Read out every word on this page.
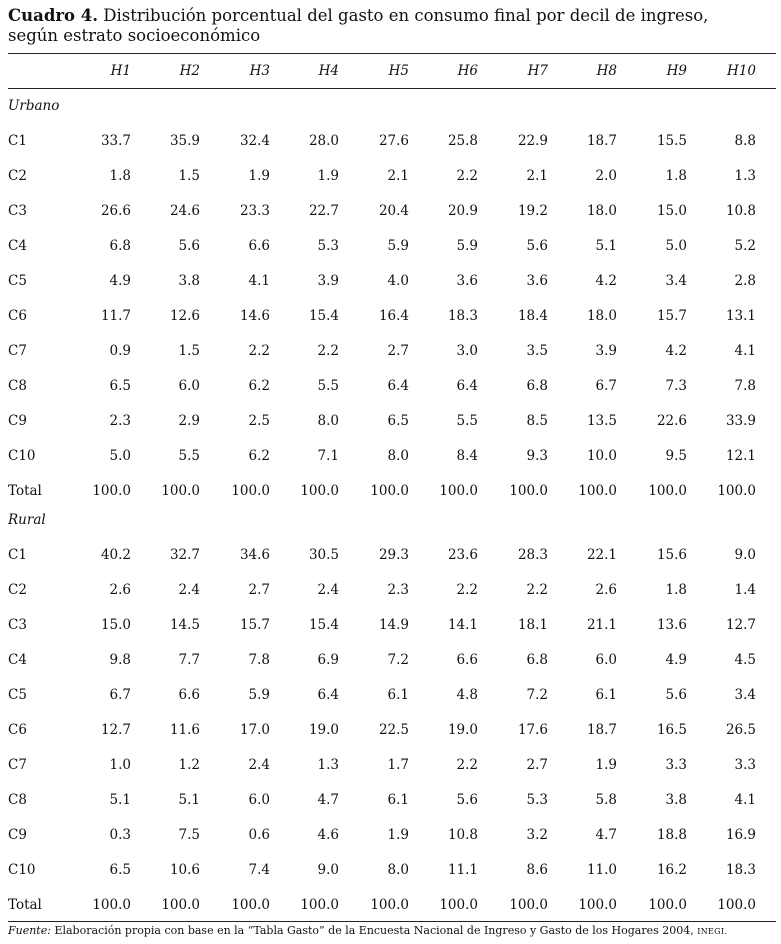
Cuadro 4. Distribución porcentual del gasto en consumo final por decil de ingreso,
según estrato socioeconómico
H1	H2	H3	H4	H5	H6	H7	H8	H9	H10
Urbano
C1	33.7	35.9	32.4	28.0	27.6	25.8	22.9	18.7	15.5	8.8
C2	1.8	1.5	1.9	1.9	2.1	2.2	2.1	2.0	1.8	1.3
C3	26.6	24.6	23.3	22.7	20.4	20.9	19.2	18.0	15.0	10.8
C4	6.8	5.6	6.6	5.3	5.9	5.9	5.6	5.1	5.0	5.2
C5	4.9	3.8	4.1	3.9	4.0	3.6	3.6	4.2	3.4	2.8
C6	11.7	12.6	14.6	15.4	16.4	18.3	18.4	18.0	15.7	13.1
C7	0.9	1.5	2.2	2.2	2.7	3.0	3.5	3.9	4.2	4.1
C8	6.5	6.0	6.2	5.5	6.4	6.4	6.8	6.7	7.3	7.8
C9	2.3	2.9	2.5	8.0	6.5	5.5	8.5	13.5	22.6	33.9
C10	5.0	5.5	6.2	7.1	8.0	8.4	9.3	10.0	9.5	12.1
Total	100.0	100.0	100.0	100.0	100.0	100.0	100.0	100.0	100.0	100.0
Rural
C1	40.2	32.7	34.6	30.5	29.3	23.6	28.3	22.1	15.6	9.0
C2	2.6	2.4	2.7	2.4	2.3	2.2	2.2	2.6	1.8	1.4
C3	15.0	14.5	15.7	15.4	14.9	14.1	18.1	21.1	13.6	12.7
C4	9.8	7.7	7.8	6.9	7.2	6.6	6.8	6.0	4.9	4.5
C5	6.7	6.6	5.9	6.4	6.1	4.8	7.2	6.1	5.6	3.4
C6	12.7	11.6	17.0	19.0	22.5	19.0	17.6	18.7	16.5	26.5
C7	1.0	1.2	2.4	1.3	1.7	2.2	2.7	1.9	3.3	3.3
C8	5.1	5.1	6.0	4.7	6.1	5.6	5.3	5.8	3.8	4.1
C9	0.3	7.5	0.6	4.6	1.9	10.8	3.2	4.7	18.8	16.9
C10	6.5	10.6	7.4	9.0	8.0	11.1	8.6	11.0	16.2	18.3
Total	100.0	100.0	100.0	100.0	100.0	100.0	100.0	100.0	100.0	100.0
Fuente: Elaboración propia con base en la “Tabla Gasto” de la Encuesta Nacional de Ingreso y Gasto de los Hogares 2004, INEGI.
